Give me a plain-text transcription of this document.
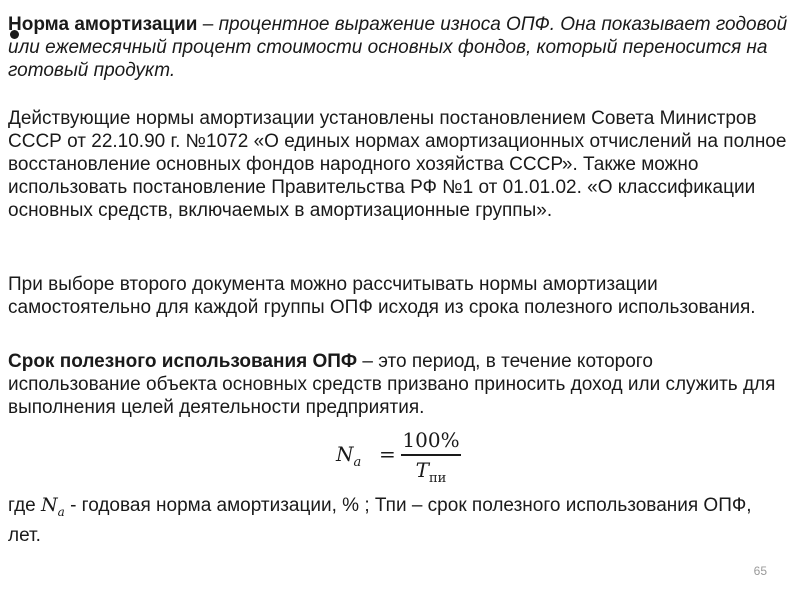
Норма амортизации – процентное выражение износа ОПФ. Она показывает годовой или ежемесячный процент стоимости основных фондов, который переносится на готовый продукт.

Действующие нормы амортизации установлены постановлением Совета Министров СССР от 22.10.90 г. №1072 «О единых нормах амортизационных отчислений на полное восстановление основных фондов народного хозяйства СССР». Также можно использовать постановление Правительства РФ №1 от 01.01.02. «О классификации основных средств, включаемых в амортизационные группы».

При выборе второго документа можно рассчитывать нормы амортизации самостоятельно для каждой группы ОПФ исходя из срока полезного использования.

Срок полезного использования ОПФ – это период, в течение которого использование объекта основных средств призвано приносить доход или служить для выполнения целей деятельности предприятия.

$N_a$ =
100%
$T_{пи}$

где $N_a$ - годовая норма амортизации, % ; Тпи – срок полезного использования ОПФ, лет.

65
